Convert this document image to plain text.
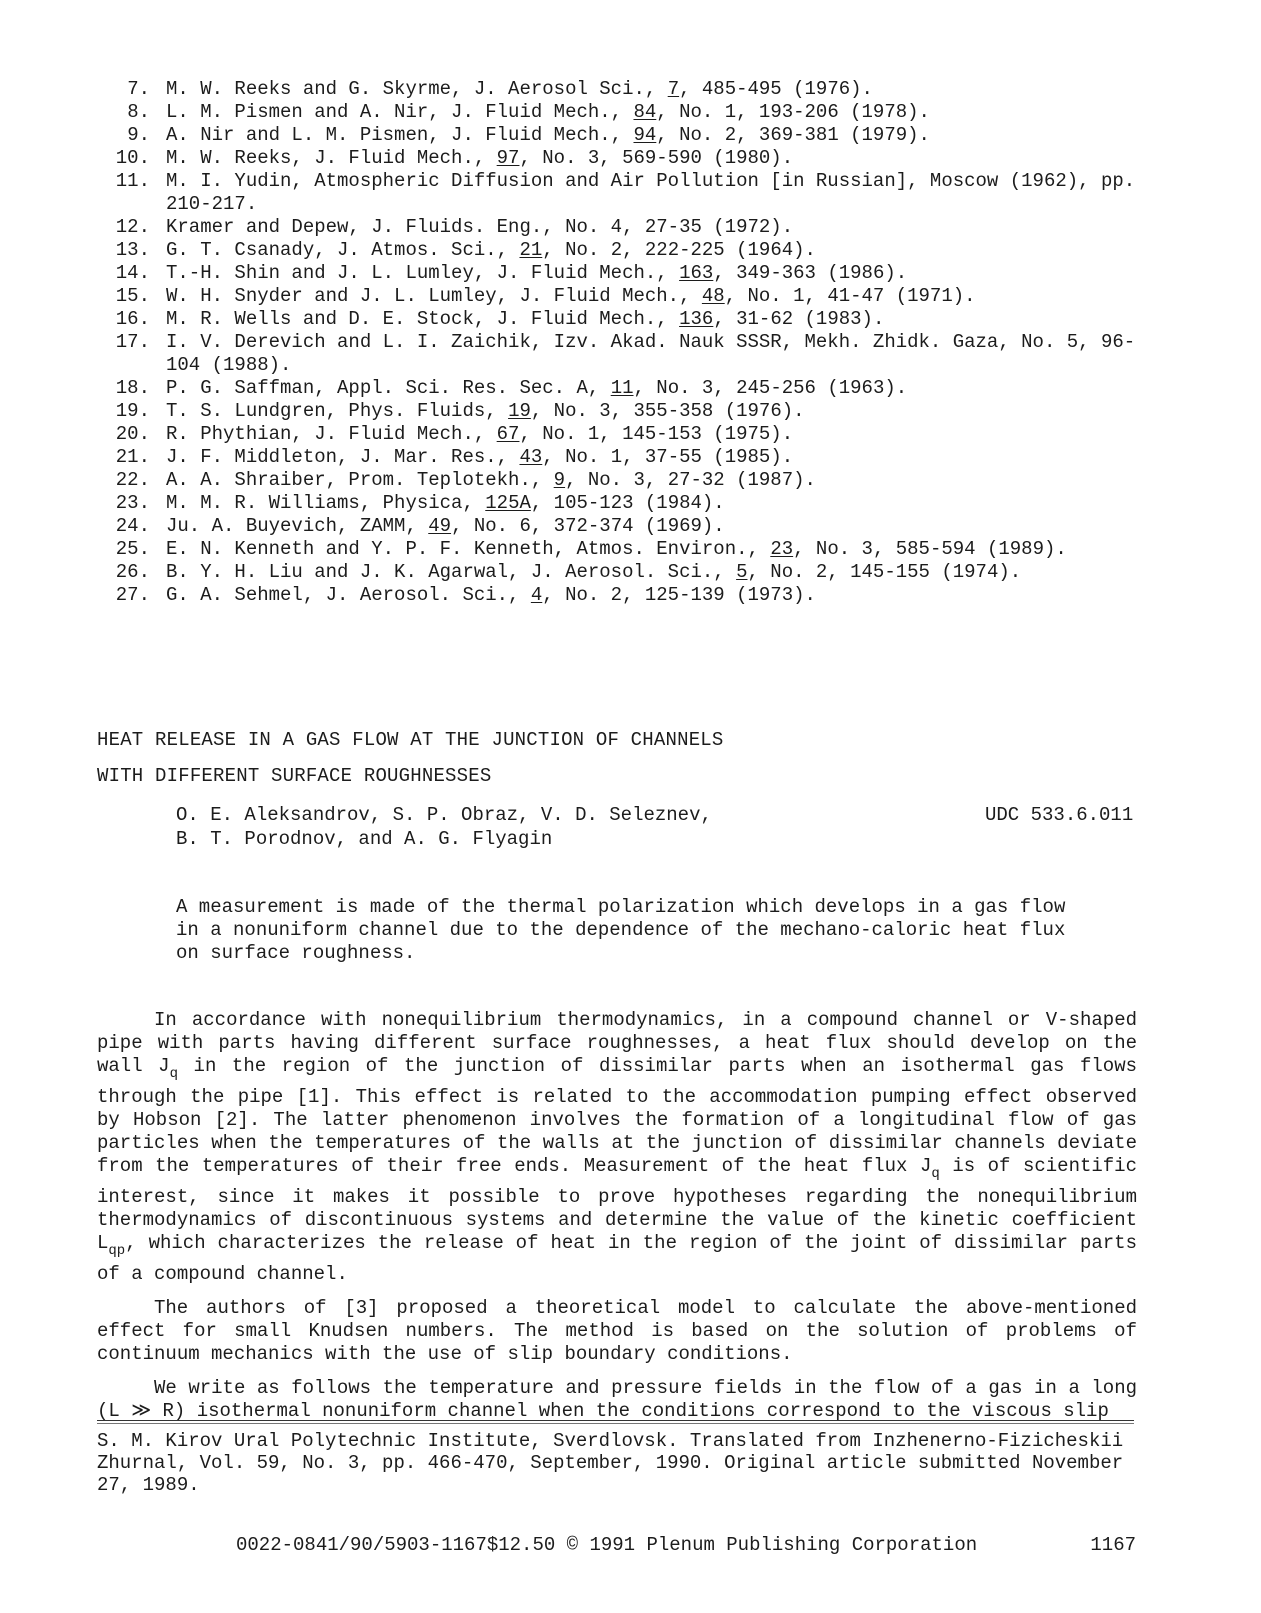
7. M. W. Reeks and G. Skyrme, J. Aerosol Sci., 7, 485-495 (1976).
8. L. M. Pismen and A. Nir, J. Fluid Mech., 84, No. 1, 193-206 (1978).
9. A. Nir and L. M. Pismen, J. Fluid Mech., 94, No. 2, 369-381 (1979).
10. M. W. Reeks, J. Fluid Mech., 97, No. 3, 569-590 (1980).
11. M. I. Yudin, Atmospheric Diffusion and Air Pollution [in Russian], Moscow (1962), pp. 210-217.
12. Kramer and Depew, J. Fluids. Eng., No. 4, 27-35 (1972).
13. G. T. Csanady, J. Atmos. Sci., 21, No. 2, 222-225 (1964).
14. T.-H. Shin and J. L. Lumley, J. Fluid Mech., 163, 349-363 (1986).
15. W. H. Snyder and J. L. Lumley, J. Fluid Mech., 48, No. 1, 41-47 (1971).
16. M. R. Wells and D. E. Stock, J. Fluid Mech., 136, 31-62 (1983).
17. I. V. Derevich and L. I. Zaichik, Izv. Akad. Nauk SSSR, Mekh. Zhidk. Gaza, No. 5, 96-104 (1988).
18. P. G. Saffman, Appl. Sci. Res. Sec. A, 11, No. 3, 245-256 (1963).
19. T. S. Lundgren, Phys. Fluids, 19, No. 3, 355-358 (1976).
20. R. Phythian, J. Fluid Mech., 67, No. 1, 145-153 (1975).
21. J. F. Middleton, J. Mar. Res., 43, No. 1, 37-55 (1985).
22. A. A. Shraiber, Prom. Teplotekh., 9, No. 3, 27-32 (1987).
23. M. M. R. Williams, Physica, 125A, 105-123 (1984).
24. Ju. A. Buyevich, ZAMM, 49, No. 6, 372-374 (1969).
25. E. N. Kenneth and Y. P. F. Kenneth, Atmos. Environ., 23, No. 3, 585-594 (1989).
26. B. Y. H. Liu and J. K. Agarwal, J. Aerosol. Sci., 5, No. 2, 145-155 (1974).
27. G. A. Sehmel, J. Aerosol. Sci., 4, No. 2, 125-139 (1973).
HEAT RELEASE IN A GAS FLOW AT THE JUNCTION OF CHANNELS
WITH DIFFERENT SURFACE ROUGHNESSES
O. E. Aleksandrov, S. P. Obraz, V. D. Seleznev,
B. T. Porodnov, and A. G. Flyagin
UDC 533.6.011
A measurement is made of the thermal polarization which develops in a gas flow in a nonuniform channel due to the dependence of the mechano-caloric heat flux on surface roughness.

In accordance with nonequilibrium thermodynamics, in a compound channel or V-shaped pipe with parts having different surface roughnesses, a heat flux should develop on the wall $J_q$ in the region of the junction of dissimilar parts when an isothermal gas flows through the pipe [1]. This effect is related to the accommodation pumping effect observed by Hobson [2]. The latter phenomenon involves the formation of a longitudinal flow of gas particles when the temperatures of the walls at the junction of dissimilar channels deviate from the temperatures of their free ends. Measurement of the heat flux $J_q$ is of scientific interest, since it makes it possible to prove hypotheses regarding the nonequilibrium thermodynamics of discontinuous systems and determine the value of the kinetic coefficient $L_{qp}$, which characterizes the release of heat in the region of the joint of dissimilar parts of a compound channel.

The authors of [3] proposed a theoretical model to calculate the above-mentioned effect for small Knudsen numbers. The method is based on the solution of problems of continuum mechanics with the use of slip boundary conditions.

We write as follows the temperature and pressure fields in the flow of a gas in a long (L ≫ R) isothermal nonuniform channel when the conditions correspond to the viscous slip

S. M. Kirov Ural Polytechnic Institute, Sverdlovsk. Translated from Inzhenerno-Fizicheskii Zhurnal, Vol. 59, No. 3, pp. 466-470, September, 1990. Original article submitted November 27, 1989.
0022-0841/90/5903-1167$12.50 © 1991 Plenum Publishing Corporation	1167
